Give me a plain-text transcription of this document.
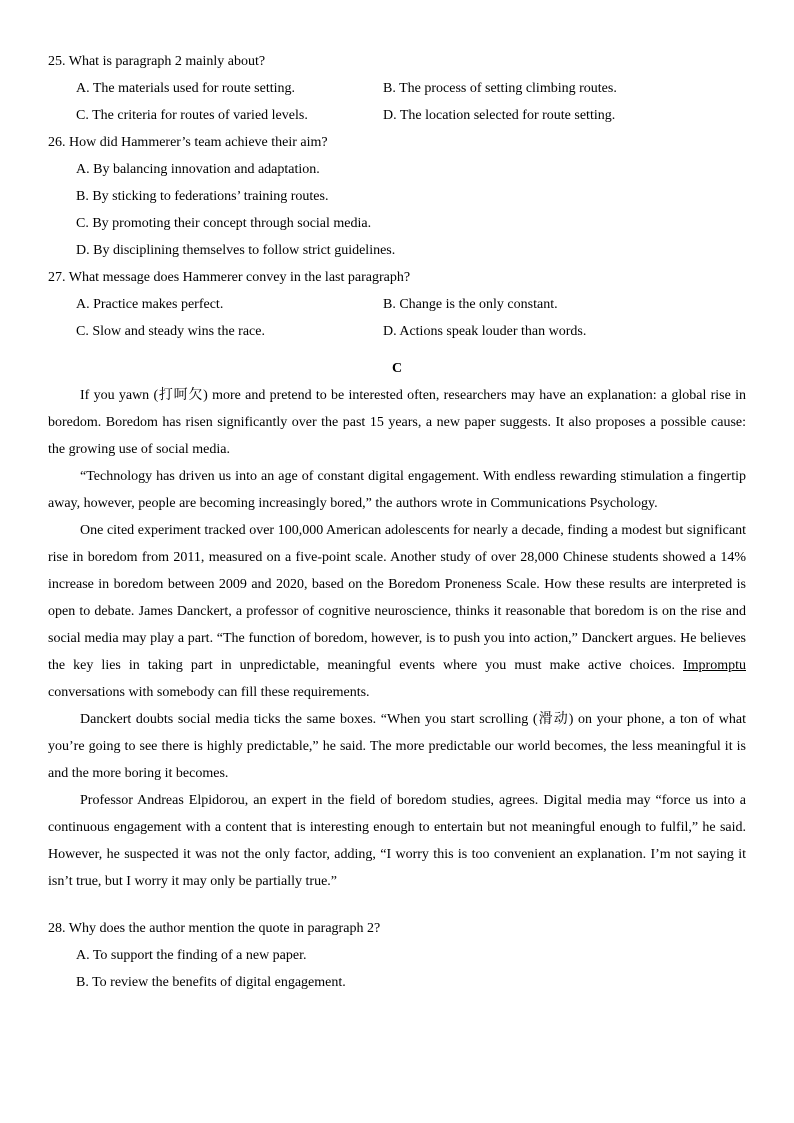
25. What is paragraph 2 mainly about?

A. The materials used for route setting.	B. The process of setting climbing routes.

C. The criteria for routes of varied levels.	D. The location selected for route setting.

26. How did Hammerer’s team achieve their aim?

A. By balancing innovation and adaptation.

B. By sticking to federations’ training routes.

C. By promoting their concept through social media.

D. By disciplining themselves to follow strict guidelines.

27. What message does Hammerer convey in the last paragraph?

A. Practice makes perfect.	B. Change is the only constant.

C. Slow and steady wins the race.	D. Actions speak louder than words.

C

If you yawn (打呵欠) more and pretend to be interested often, researchers may have an explanation: a global rise in boredom. Boredom has risen significantly over the past 15 years, a new paper suggests. It also proposes a possible cause: the growing use of social media.

“Technology has driven us into an age of constant digital engagement. With endless rewarding stimulation a fingertip away, however, people are becoming increasingly bored,” the authors wrote in Communications Psychology.

One cited experiment tracked over 100,000 American adolescents for nearly a decade, finding a modest but significant rise in boredom from 2011, measured on a five-point scale. Another study of over 28,000 Chinese students showed a 14% increase in boredom between 2009 and 2020, based on the Boredom Proneness Scale. How these results are interpreted is open to debate. James Danckert, a professor of cognitive neuroscience, thinks it reasonable that boredom is on the rise and social media may play a part. “The function of boredom, however, is to push you into action,” Danckert argues. He believes the key lies in taking part in unpredictable, meaningful events where you must make active choices. Impromptu conversations with somebody can fill these requirements.

Danckert doubts social media ticks the same boxes. “When you start scrolling (滑动) on your phone, a ton of what you’re going to see there is highly predictable,” he said. The more predictable our world becomes, the less meaningful it is and the more boring it becomes.

Professor Andreas Elpidorou, an expert in the field of boredom studies, agrees. Digital media may “force us into a continuous engagement with a content that is interesting enough to entertain but not meaningful enough to fulfil,” he said. However, he suspected it was not the only factor, adding, “I worry this is too convenient an explanation. I’m not saying it isn’t true, but I worry it may only be partially true.”

28. Why does the author mention the quote in paragraph 2?

A. To support the finding of a new paper.

B. To review the benefits of digital engagement.
